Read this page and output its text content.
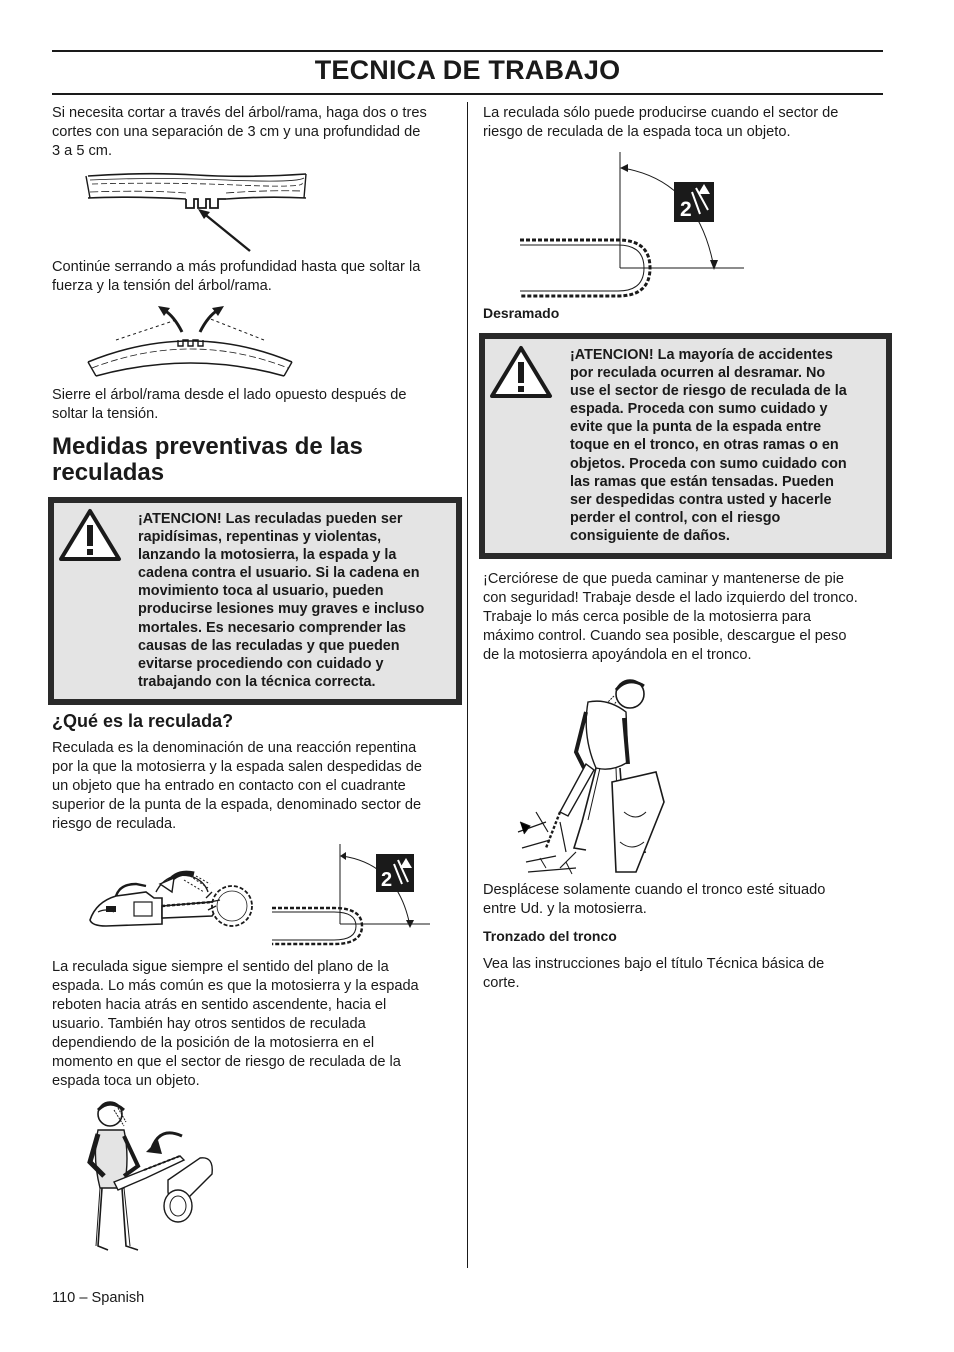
TECNICA DE TRABAJO

Si necesita cortar a través del árbol/rama, haga dos o tres
cortes con una separación de 3 cm y una profundidad de
3 a 5 cm.

Continúe serrando a más profundidad hasta que soltar la
fuerza y la tensión del árbol/rama.

Sierre el árbol/rama desde el lado opuesto después de
soltar la tensión.

Medidas preventivas de las
reculadas

¡ATENCION! Las reculadas pueden ser
rapidísimas, repentinas y violentas,
lanzando la motosierra, la espada y la
cadena contra el usuario. Si la cadena en
movimiento toca al usuario, pueden
producirse lesiones muy graves e incluso
mortales. Es necesario comprender las
causas de las reculadas y que pueden
evitarse procediendo con cuidado y
trabajando con la técnica correcta.

¿Qué es la reculada?

Reculada es la denominación de una reacción repentina
por la que la motosierra y la espada salen despedidas de
un objeto que ha entrado en contacto con el cuadrante
superior de la punta de la espada, denominado sector de
riesgo de reculada.

2

La reculada sigue siempre el sentido del plano de la
espada. Lo más común es que la motosierra y la espada
reboten hacia atrás en sentido ascendente, hacia el
usuario. También hay otros sentidos de reculada
dependiendo de la posición de la motosierra en el
momento en que el sector de riesgo de reculada de la
espada toca un objeto.

110 – Spanish

La reculada sólo puede producirse cuando el sector de
riesgo de reculada de la espada toca un objeto.

2

Desramado

¡ATENCION! La mayoría de accidentes
por reculada ocurren al desramar. No
use el sector de riesgo de reculada de la
espada. Proceda con sumo cuidado y
evite que la punta de la espada entre
toque en el tronco, en otras ramas o en
objetos. Proceda con sumo cuidado con
las ramas que están tensadas. Pueden
ser despedidas contra usted y hacerle
perder el control, con el riesgo
consiguiente de daños.

¡Cerciórese de que pueda caminar y mantenerse de pie
con seguridad! Trabaje desde el lado izquierdo del tronco.
Trabaje lo más cerca posible de la motosierra para
máximo control. Cuando sea posible, descargue el peso
de la motosierra apoyándola en el tronco.

Desplácese solamente cuando el tronco esté situado
entre Ud. y la motosierra.

Tronzado del tronco

Vea las instrucciones bajo el título Técnica básica de
corte.
